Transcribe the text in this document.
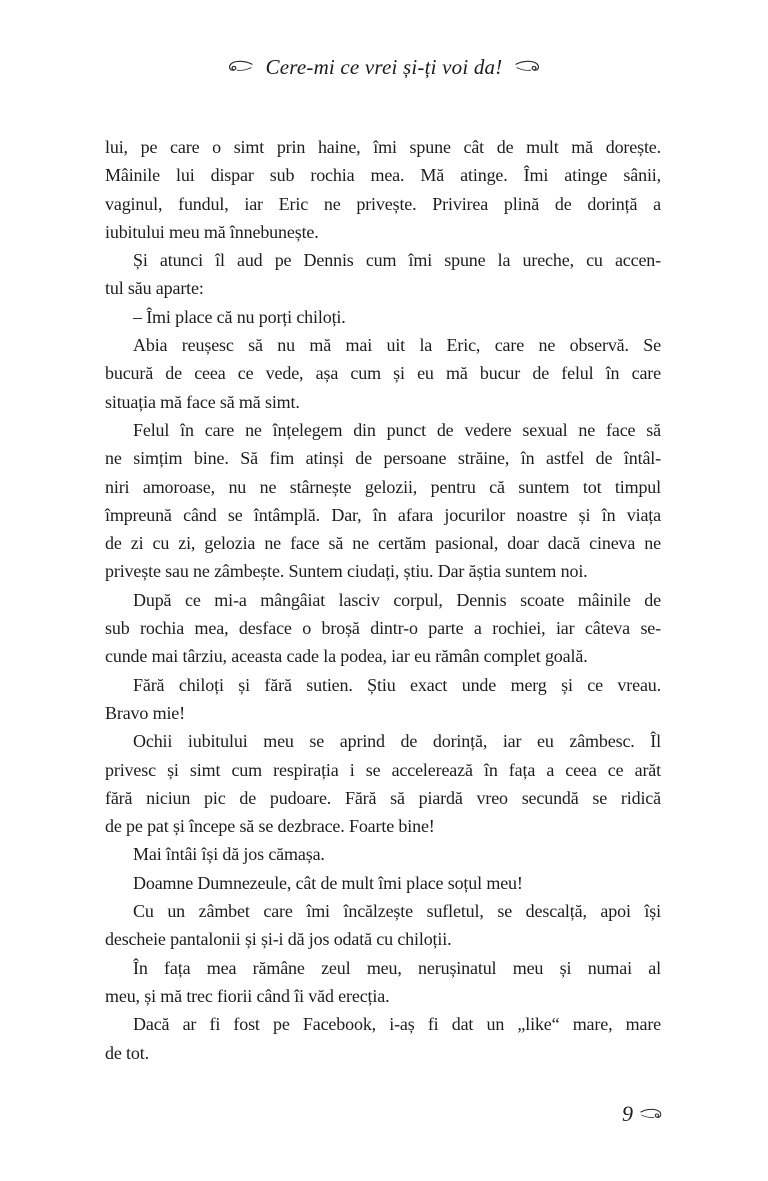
Cere-mi ce vrei și-ți voi da!
lui, pe care o simt prin haine, îmi spune cât de mult mă dorește.
Mâinile lui dispar sub rochia mea. Mă atinge. Îmi atinge sânii,
vaginul, fundul, iar Eric ne privește. Privirea plină de dorință a
iubitului meu mă înnebunește.
Și atunci îl aud pe Dennis cum îmi spune la ureche, cu accen-
tul său aparte:
– Îmi place că nu porți chiloți.
Abia reușesc să nu mă mai uit la Eric, care ne observă. Se
bucură de ceea ce vede, așa cum și eu mă bucur de felul în care
situația mă face să mă simt.
Felul în care ne înțelegem din punct de vedere sexual ne face să
ne simțim bine. Să fim atinși de persoane străine, în astfel de întâl-
niri amoroase, nu ne stârnește gelozii, pentru că suntem tot timpul
împreună când se întâmplă. Dar, în afara jocurilor noastre și în viața
de zi cu zi, gelozia ne face să ne certăm pasional, doar dacă cineva ne
privește sau ne zâmbește. Suntem ciudați, știu. Dar ăștia suntem noi.
După ce mi-a mângâiat lasciv corpul, Dennis scoate mâinile de
sub rochia mea, desface o broșă dintr-o parte a rochiei, iar câteva se-
cunde mai târziu, aceasta cade la podea, iar eu rămân complet goală.
Fără chiloți și fără sutien. Știu exact unde merg și ce vreau.
Bravo mie!
Ochii iubitului meu se aprind de dorință, iar eu zâmbesc. Îl
privesc și simt cum respirația i se accelerează în fața a ceea ce arăt
fără niciun pic de pudoare. Fără să piardă vreo secundă se ridică
de pe pat și începe să se dezbrace. Foarte bine!
Mai întâi își dă jos cămașa.
Doamne Dumnezeule, cât de mult îmi place soțul meu!
Cu un zâmbet care îmi încălzește sufletul, se descalță, apoi își
descheie pantalonii și și-i dă jos odată cu chiloții.
În fața mea rămâne zeul meu, nerușinatul meu și numai al
meu, și mă trec fiorii când îi văd erecția.
Dacă ar fi fost pe Facebook, i-aș fi dat un „like“ mare, mare
de tot.
9
